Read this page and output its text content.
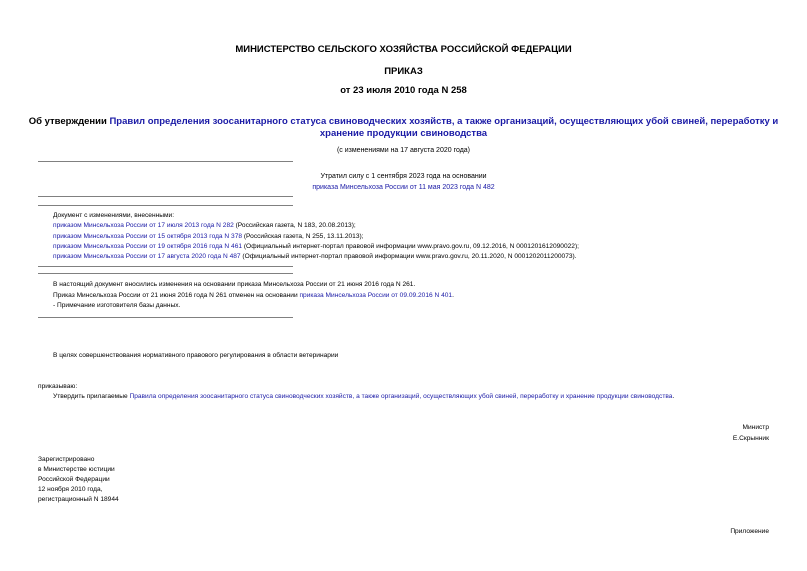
МИНИСТЕРСТВО СЕЛЬСКОГО ХОЗЯЙСТВА РОССИЙСКОЙ ФЕДЕРАЦИИ
ПРИКАЗ
от 23 июля 2010 года N 258
Об утверждении Правил определения зоосанитарного статуса свиноводческих хозяйств, а также организаций, осуществляющих убой свиней, переработку и
хранение продукции свиноводства
(с изменениями на 17 августа 2020 года)
Утратил силу с 1 сентября 2023 года на основании
приказа Минсельхоза России от 11 мая 2023 года N 482
Документ с изменениями, внесенными:
приказом Минсельхоза России от 17 июля 2013 года N 282 (Российская газета, N 183, 20.08.2013);
приказом Минсельхоза России от 15 октября 2013 года N 378 (Российская газета, N 255, 13.11.2013);
приказом Минсельхоза России от 19 октября 2016 года N 461 (Официальный интернет-портал правовой информации www.pravo.gov.ru, 09.12.2016, N 0001201612090022);
приказом Минсельхоза России от 17 августа 2020 года N 487 (Официальный интернет-портал правовой информации www.pravo.gov.ru, 20.11.2020, N 0001202011200073).
В настоящий документ вносились изменения на основании приказа Минсельхоза России от 21 июня 2016 года N 261.
Приказ Минсельхоза России от 21 июня 2016 года N 261 отменен на основании приказа Минсельхоза России от 09.09.2016 N 401.
- Примечание изготовителя базы данных.
В целях совершенствования нормативного правового регулирования в области ветеринарии
приказываю:
Утвердить прилагаемые Правила определения зоосанитарного статуса свиноводческих хозяйств, а также организаций, осуществляющих убой свиней, переработку и хранение продукции свиноводства.
Министр
Е.Скрынник
Зарегистрировано
в Министерстве юстиции
Российской Федерации
12 ноября 2010 года,
регистрационный N 18944
Приложение
